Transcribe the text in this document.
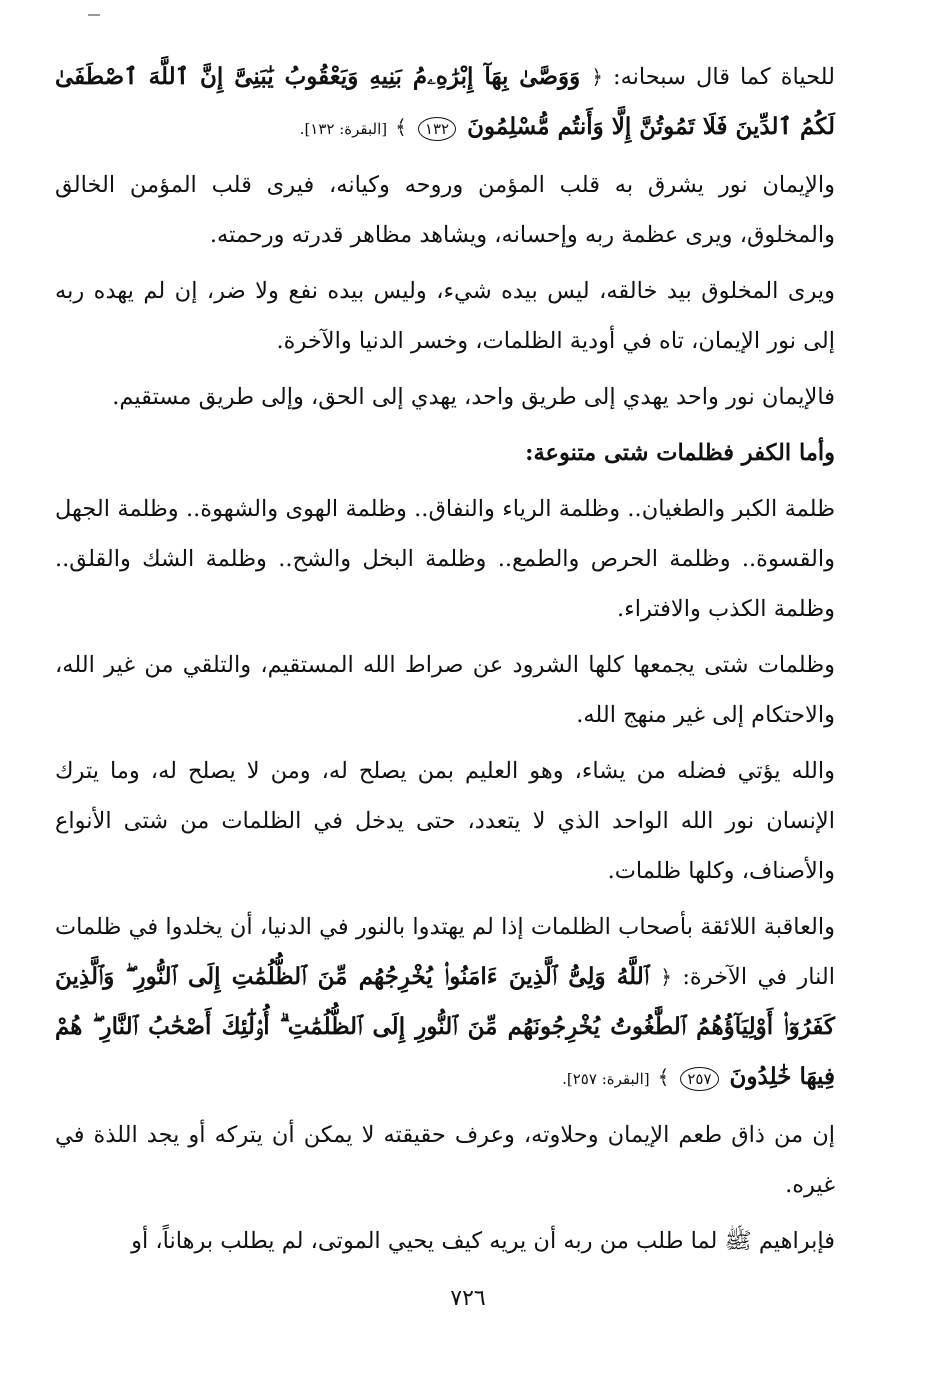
للحياة كما قال سبحانه: ﴿ وَوَصَّىٰ بِهَآ إِبْرَٰهِۦمُ بَنِيهِ وَيَعْقُوبُ يَٰبَنِىَّ إِنَّ ٱللَّهَ ٱصْطَفَىٰ لَكُمُ ٱلدِّينَ فَلَا تَمُوتُنَّ إِلَّا وَأَنتُم مُّسْلِمُونَ ١٣٢ ﴾ [البقرة: ١٣٢].

والإيمان نور يشرق به قلب المؤمن وروحه وكيانه، فيرى قلب المؤمن الخالق والمخلوق، ويرى عظمة ربه وإحسانه، ويشاهد مظاهر قدرته ورحمته.

ويرى المخلوق بيد خالقه، ليس بيده شيء، وليس بيده نفع ولا ضر، إن لم يهده ربه إلى نور الإيمان، تاه في أودية الظلمات، وخسر الدنيا والآخرة.

فالإيمان نور واحد يهدي إلى طريق واحد، يهدي إلى الحق، وإلى طريق مستقيم.

وأما الكفر فظلمات شتى متنوعة:

ظلمة الكبر والطغيان.. وظلمة الرياء والنفاق.. وظلمة الهوى والشهوة.. وظلمة الجهل والقسوة.. وظلمة الحرص والطمع.. وظلمة البخل والشح.. وظلمة الشك والقلق.. وظلمة الكذب والافتراء.

وظلمات شتى يجمعها كلها الشرود عن صراط الله المستقيم، والتلقي من غير الله، والاحتكام إلى غير منهج الله.

والله يؤتي فضله من يشاء، وهو العليم بمن يصلح له، ومن لا يصلح له، وما يترك الإنسان نور الله الواحد الذي لا يتعدد، حتى يدخل في الظلمات من شتى الأنواع والأصناف، وكلها ظلمات.

والعاقبة اللائقة بأصحاب الظلمات إذا لم يهتدوا بالنور في الدنيا، أن يخلدوا في ظلمات النار في الآخرة: ﴿ ٱللَّهُ وَلِىُّ ٱلَّذِينَ ءَامَنُوا۟ يُخْرِجُهُم مِّنَ ٱلظُّلُمَٰتِ إِلَى ٱلنُّورِ ۖ وَٱلَّذِينَ كَفَرُوٓا۟ أَوْلِيَآؤُهُمُ ٱلطَّٰغُوتُ يُخْرِجُونَهُم مِّنَ ٱلنُّورِ إِلَى ٱلظُّلُمَٰتِ ۗ أُو۟لَٰٓئِكَ أَصْحَٰبُ ٱلنَّارِ ۖ هُمْ فِيهَا خَٰلِدُونَ ٢٥٧ ﴾ [البقرة: ٢٥٧].

إن من ذاق طعم الإيمان وحلاوته، وعرف حقيقته لا يمكن أن يتركه أو يجد اللذة في غيره.

فإبراهيم ﷺ لما طلب من ربه أن يريه كيف يحيي الموتى، لم يطلب برهاناً، أو

٧٢٦
